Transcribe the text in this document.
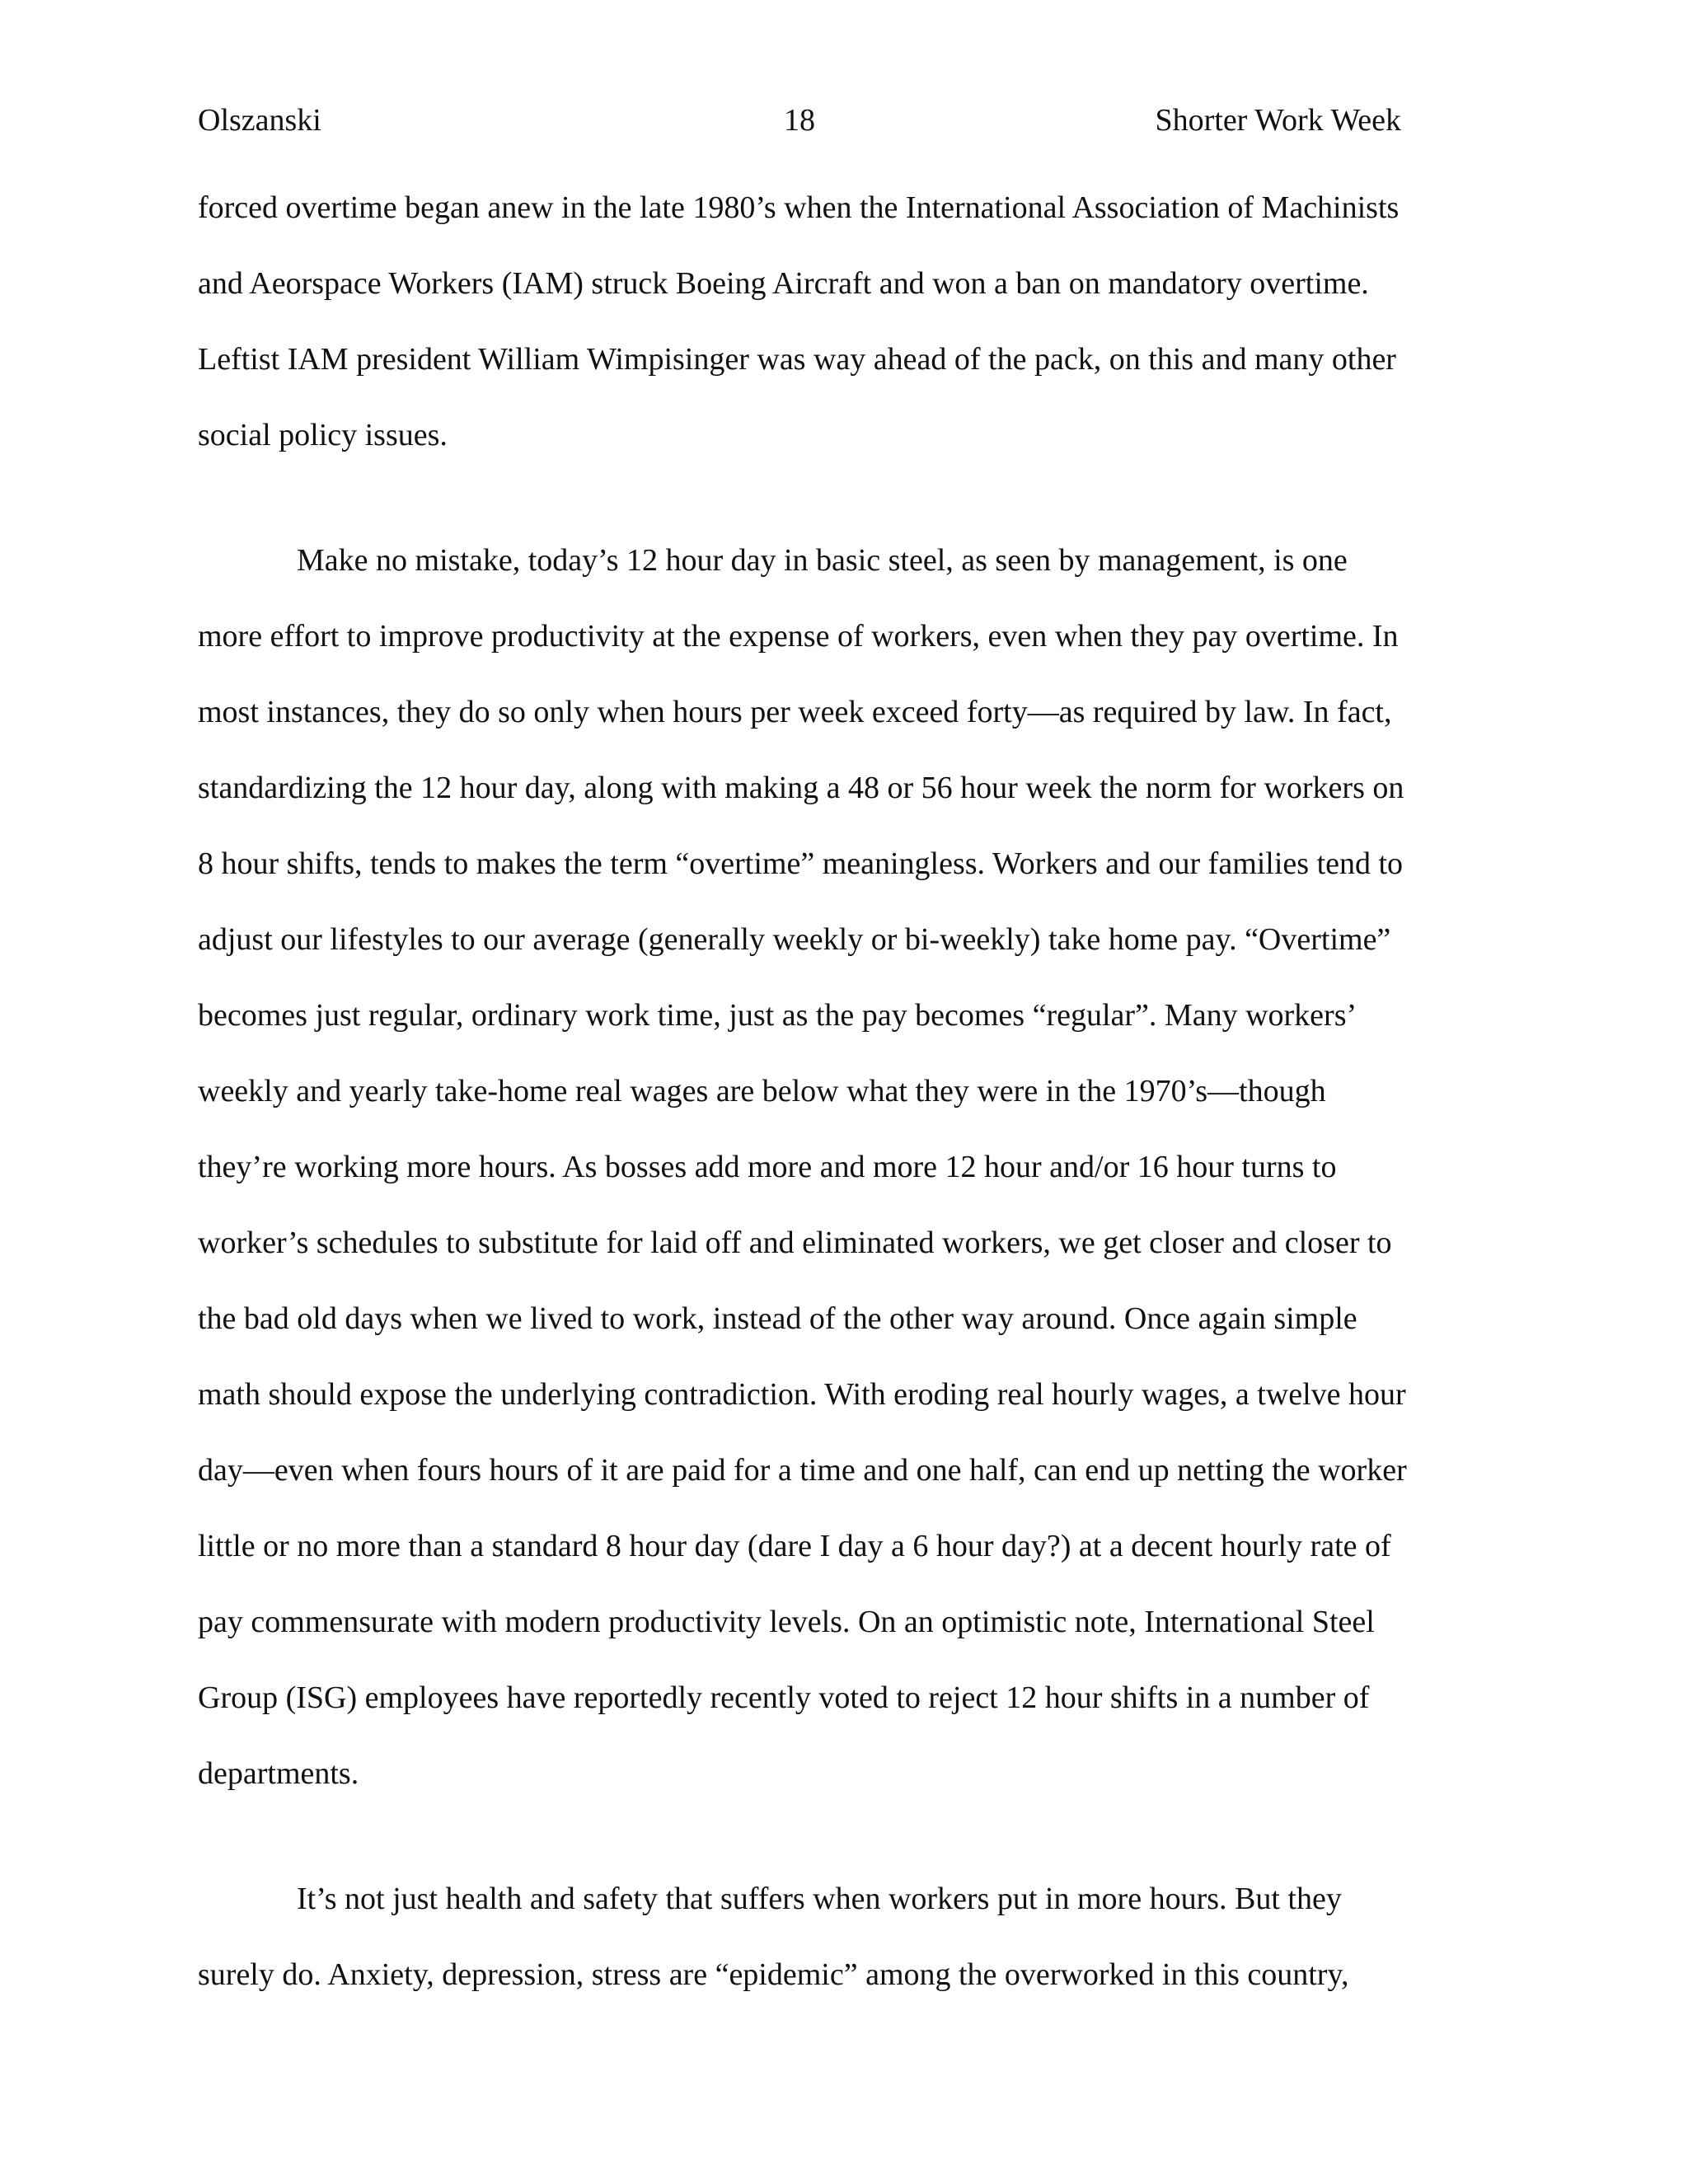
Olszanski	18	Shorter Work Week

forced overtime began anew in the late 1980’s when the International Association of Machinists and Aeorspace Workers (IAM) struck Boeing Aircraft and won a ban on mandatory overtime. Leftist IAM president William Wimpisinger was way ahead of the pack, on this and many other social policy issues.

Make no mistake, today’s 12 hour day in basic steel, as seen by management, is one more effort to improve productivity at the expense of workers, even when they pay overtime. In most instances, they do so only when hours per week exceed forty—as required by law. In fact, standardizing the 12 hour day, along with making a 48 or 56 hour week the norm for workers on 8 hour shifts, tends to makes the term “overtime” meaningless. Workers and our families tend to adjust our lifestyles to our average (generally weekly or bi-weekly) take home pay. “Overtime” becomes just regular, ordinary work time, just as the pay becomes “regular”. Many workers’ weekly and yearly take-home real wages are below what they were in the 1970’s—though they’re working more hours. As bosses add more and more 12 hour and/or 16 hour turns to worker’s schedules to substitute for laid off and eliminated workers, we get closer and closer to the bad old days when we lived to work, instead of the other way around. Once again simple math should expose the underlying contradiction. With eroding real hourly wages, a twelve hour day—even when fours hours of it are paid for a time and one half, can end up netting the worker little or no more than a standard 8 hour day (dare I day a 6 hour day?) at a decent hourly rate of pay commensurate with modern productivity levels. On an optimistic note, International Steel Group (ISG) employees have reportedly recently voted to reject 12 hour shifts in a number of departments.

It’s not just health and safety that suffers when workers put in more hours. But they surely do. Anxiety, depression, stress are “epidemic” among the overworked in this country,
